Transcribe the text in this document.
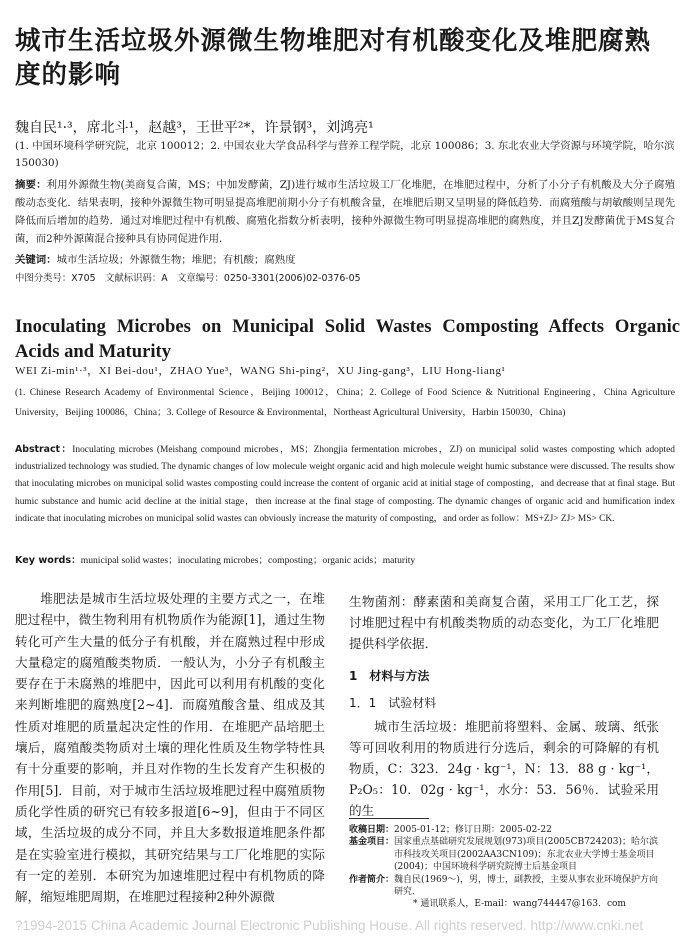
城市生活垃圾外源微生物堆肥对有机酸变化及堆肥腐熟度的影响
魏自民¹·³，席北斗¹，赵越³，王世平²*，许景钢³，刘鸿亮¹
(1. 中国环境科学研究院，北京 100012；2. 中国农业大学食品科学与营养工程学院，北京 100086；3. 东北农业大学资源与环境学院，哈尔滨 150030)
摘要：利用外源微生物(美商复合菌，MS；中加发酵菌，ZJ)进行城市生活垃圾工厂化堆肥，在堆肥过程中，分析了小分子有机酸及大分子腐殖酸动态变化．结果表明，接种外源微生物可明显提高堆肥前期小分子有机酸含量，在堆肥后期又呈明显的降低趋势．而腐殖酸与胡敏酸则呈现先降低而后增加的趋势．通过对堆肥过程中有机酸、腐殖化指数分析表明，接种外源微生物可明显提高堆肥的腐熟度，并且ZJ发酵菌优于MS复合菌，而2种外源菌混合接种具有协同促进作用．
关键词：城市生活垃圾；外源微生物；堆肥；有机酸；腐熟度
中图分类号：X705　文献标识码：A　文章编号：0250-3301(2006)02-0376-05
Inoculating Microbes on Municipal Solid Wastes Composting Affects Organic
Acids and Maturity
WEI Zi-min¹·³，XI Bei-dou¹，ZHAO Yue³，WANG Shi-ping²，XU Jing-gang³，LIU Hong-liang¹
(1. Chinese Research Academy of Environmental Science，Beijing 100012，China；2. College of Food Science & Nutritional Engineering，China Agriculture University，Beijing 100086，China；3. College of Resource & Environmental，Northeast Agricultural University，Harbin 150030，China)
Abstract：Inoculating microbes (Meishang compound microbes，MS；Zhongjia fermentation microbes，ZJ) on municipal solid wastes composting which adopted industrialized technology was studied. The dynamic changes of low molecule weight organic acid and high molecule weight humic substance were discussed. The results show that inoculating microbes on municipal solid wastes composting could increase the content of organic acid at initial stage of composting，and decrease that at final stage. But humic substance and humic acid decline at the initial stage，then increase at the final stage of composting. The dynamic changes of organic acid and humification index indicate that inoculating microbes on municipal solid wastes can obviously increase the maturity of composting，and order as follow：MS+ZJ> ZJ> MS> CK.
Key words：municipal solid wastes；inoculating microbes；composting；organic acids；maturity

堆肥法是城市生活垃圾处理的主要方式之一，在堆肥过程中，微生物利用有机物质作为能源[1]，通过生物转化可产生大量的低分子有机酸，并在腐熟过程中形成大量稳定的腐殖酸类物质．一般认为，小分子有机酸主要存在于未腐熟的堆肥中，因此可以利用有机酸的变化来判断堆肥的腐熟度[2~4]．而腐殖酸含量、组成及其性质对堆肥的质量起决定性的作用．在堆肥产品培肥土壤后，腐殖酸类物质对土壤的理化性质及生物学特性具有十分重要的影响，并且对作物的生长发育产生积极的作用[5]．目前，对于城市生活垃圾堆肥过程中腐殖质物质化学性质的研究已有较多报道[6~9]，但由于不同区域，生活垃圾的成分不同，并且大多数报道堆肥条件都是在实验室进行模拟，其研究结果与工厂化堆肥的实际有一定的差别．本研究为加速堆肥过程中有机物质的降解，缩短堆肥周期，在堆肥过程接种2种外源微

生物菌剂：酵素菌和美商复合菌，采用工厂化工艺，探讨堆肥过程中有机酸类物质的动态变化，为工厂化堆肥提供科学依据．

1　材料与方法

1．1　试验材料

城市生活垃圾：堆肥前将塑料、金属、玻璃、纸张等可回收利用的物质进行分选后，剩余的可降解的有机物质，C：323．24g · kg⁻¹，N：13．88 g · kg⁻¹，P₂O₅：10．02g · kg⁻¹，水分：53．56％．试验采用的生

收稿日期： 2005-01-12；修订日期：2005-02-22
基金项目： 国家重点基础研究发展规划(973)项目(2005CB724203)；哈尔滨市科技攻关项目(2002AA3CN109)；东北农业大学博士基金项目(2004)；中国环境科学研究院博士后基金项目
作者简介： 魏自民(1969～)，男，博士，副教授，主要从事农业环境保护方向研究．
* 通讯联系人，E-mail：wang744447@163．com
?1994-2015 China Academic Journal Electronic Publishing House. All rights reserved. http://www.cnki.net
